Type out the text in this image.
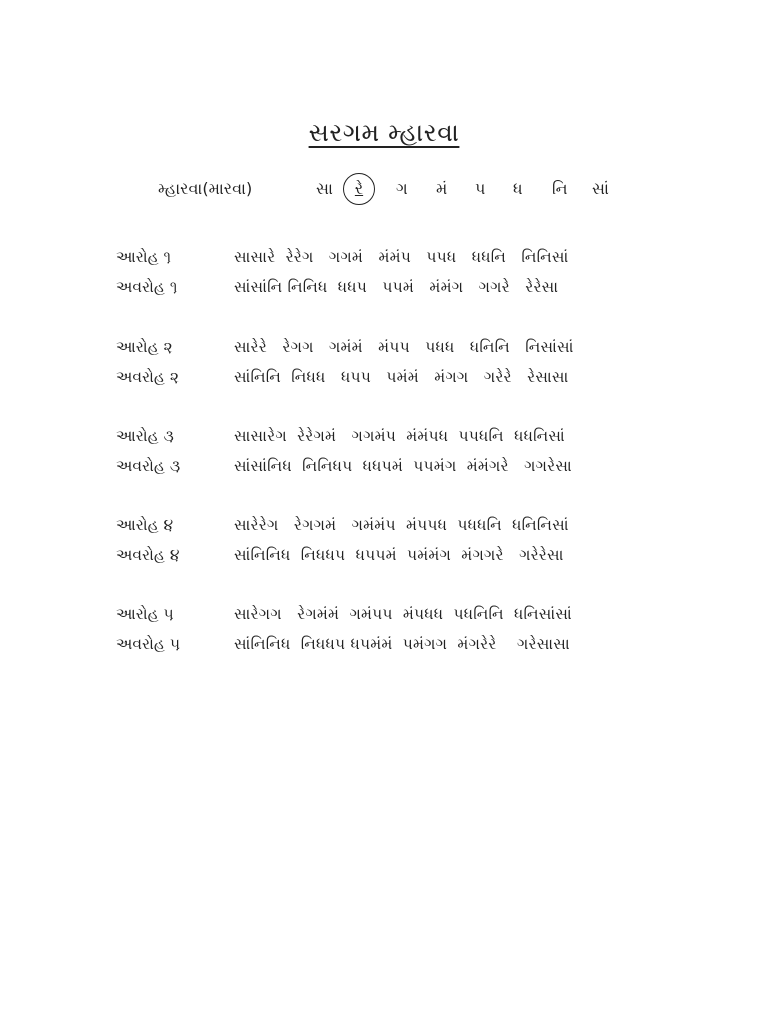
સરગમ મ્હારવા
મ્હારવા(મારવા)	સા	રે	ગ મં પ ધ નિ સાં
આરોહ ૧઼	સાસારે  રેરેગ   ગગમં   મંમંપ   પપધ   ધધનિ   નિનિસાં
અવરોહ ૧઼	સાંસાંનિ નિનિધ  ધધપ   પપમં   મંમંગ   ગગરે   રેરેસા
આરોહ ૨઼	સારેરે   રેગગ   ગમંમં   મંપપ   પધધ   ધનિનિ   નિસાંસાં
અવરોહ ૨઼	સાંનિનિ  નિધધ   ધપપ   પમંમં   મંગગ   ગરેરે   રેસાસા
આરોહ ૩઼	સાસારેગ  રેરેગમં   ગગમંપ  મંમંપધ  પપધનિ  ધધનિસાં
અવરોહ ૩઼	સાંસાંનિધ  નિનિધપ  ધધપમં  પપમંગ  મંમંગરે   ગગરેસા
આરોહ ૪઼	સારેરેગ   રેગગમં   ગમંમંપ  મંપપધ  પધધનિ  ધનિનિસાં
અવરોહ ૪઼	સાંનિનિધ  નિધધપ  ધપપમં  પમંમંગ  મંગગરે   ગરેરેસા
આરોહ ૫઼	સારેગગ   રેગમંમં  ગમંપપ  મંપધધ  પધનિનિ  ધનિસાંસાં
અવરોહ ૫઼	સાંનિનિધ  નિધધપ ધપમંમં  પમંગગ  મંગરેરે    ગરેસાસા
